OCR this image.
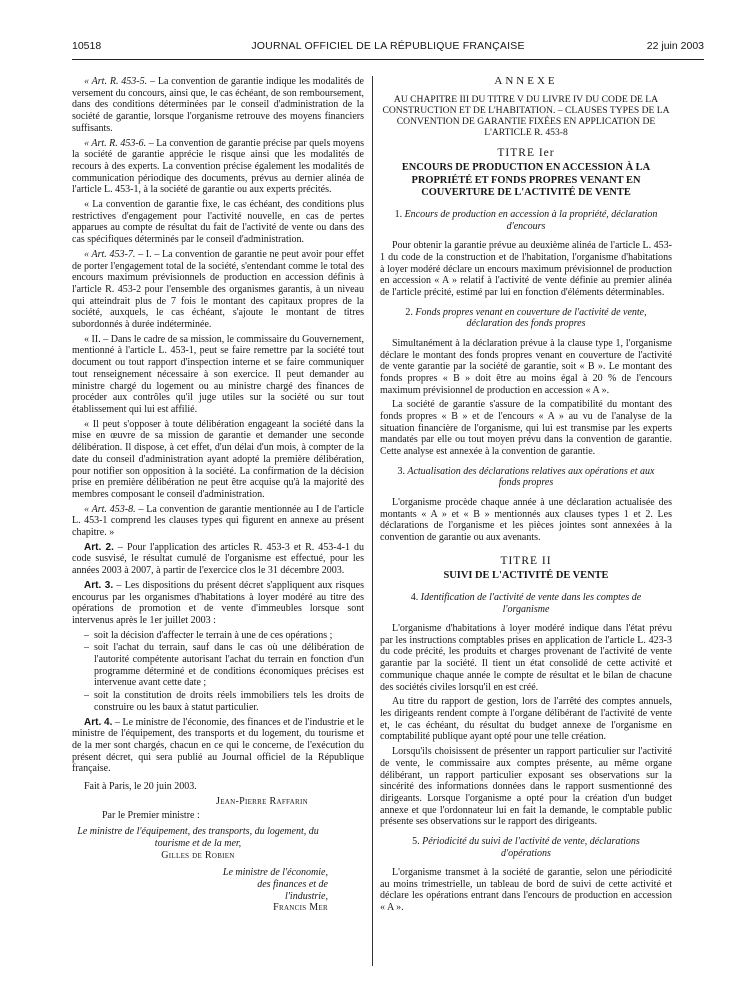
10518	JOURNAL OFFICIEL DE LA RÉPUBLIQUE FRANÇAISE	22 juin 2003

« Art. R. 453-5. – La convention de garantie indique les modalités de versement du concours, ainsi que, le cas échéant, de son remboursement, dans des conditions déterminées par le conseil d'administration de la société de garantie, lorsque l'organisme retrouve des moyens financiers suffisants.

« Art. R. 453-6. – La convention de garantie précise par quels moyens la société de garantie apprécie le risque ainsi que les modalités de recours à des experts. La convention précise également les modalités de communication périodique des documents, prévus au dernier alinéa de l'article L. 453-1, à la société de garantie ou aux experts précités.

« La convention de garantie fixe, le cas échéant, des conditions plus restrictives d'engagement pour l'activité nouvelle, en cas de pertes apparues au compte de résultat du fait de l'activité de vente ou dans des cas spécifiques déterminés par le conseil d'administration.

« Art. 453-7. – I. – La convention de garantie ne peut avoir pour effet de porter l'engagement total de la société, s'entendant comme le total des encours maximum prévisionnels de production en accession définis à l'article R. 453-2 pour l'ensemble des organismes garantis, à un niveau qui atteindrait plus de 7 fois le montant des capitaux propres de la société, auxquels, le cas échéant, s'ajoute le montant de titres subordonnés à durée indéterminée.

« II. – Dans le cadre de sa mission, le commissaire du Gouvernement, mentionné à l'article L. 453-1, peut se faire remettre par la société tout document ou tout rapport d'inspection interne et se faire communiquer tout renseignement nécessaire à son exercice. Il peut demander au ministre chargé du logement ou au ministre chargé des finances de procéder aux contrôles qu'il juge utiles sur la société ou sur tout établissement qui lui est affilié.

« Il peut s'opposer à toute délibération engageant la société dans la mise en œuvre de sa mission de garantie et demander une seconde délibération. Il dispose, à cet effet, d'un délai d'un mois, à compter de la date du conseil d'administration ayant adopté la première délibération, pour notifier son opposition à la société. La confirmation de la décision prise en première délibération ne peut être acquise qu'à la majorité des membres composant le conseil d'administration.

« Art. 453-8. – La convention de garantie mentionnée au I de l'article L. 453-1 comprend les clauses types qui figurent en annexe au présent chapitre. »

Art. 2. – Pour l'application des articles R. 453-3 et R. 453-4-1 du code susvisé, le résultat cumulé de l'organisme est effectué, pour les années 2003 à 2007, à partir de l'exercice clos le 31 décembre 2003.

Art. 3. – Les dispositions du présent décret s'appliquent aux risques encourus par les organismes d'habitations à loyer modéré au titre des opérations de promotion et de vente d'immeubles lorsque sont intervenus après le 1er juillet 2003 :

– soit la décision d'affecter le terrain à une de ces opérations ;
– soit l'achat du terrain, sauf dans le cas où une délibération de l'autorité compétente autorisant l'achat du terrain en fonction d'un programme déterminé et de conditions économiques précises est intervenue avant cette date ;
– soit la constitution de droits réels immobiliers tels les droits de construire ou les baux à statut particulier.

Art. 4. – Le ministre de l'économie, des finances et de l'industrie et le ministre de l'équipement, des transports et du logement, du tourisme et de la mer sont chargés, chacun en ce qui le concerne, de l'exécution du présent décret, qui sera publié au Journal officiel de la République française.

Fait à Paris, le 20 juin 2003.

Jean-Pierre Raffarin
Par le Premier ministre :
Le ministre de l'équipement, des transports, du logement, du tourisme et de la mer,
Gilles de Robien
Le ministre de l'économie, des finances et de l'industrie,
Francis Mer
ANNEXE
AU CHAPITRE III DU TITRE V DU LIVRE IV DU CODE DE LA CONSTRUCTION ET DE L'HABITATION. – CLAUSES TYPES DE LA CONVENTION DE GARANTIE FIXÉES EN APPLICATION DE L'ARTICLE R. 453-8
TITRE Ier
ENCOURS DE PRODUCTION EN ACCESSION À LA PROPRIÉTÉ ET FONDS PROPRES VENANT EN COUVERTURE DE L'ACTIVITÉ DE VENTE
1. Encours de production en accession à la propriété, déclaration d'encours

Pour obtenir la garantie prévue au deuxième alinéa de l'article L. 453-1 du code de la construction et de l'habitation, l'organisme d'habitations à loyer modéré déclare un encours maximum prévisionnel de production en accession « A » relatif à l'activité de vente définie au premier alinéa de l'article précité, estimé par lui en fonction d'éléments déterminables.

2. Fonds propres venant en couverture de l'activité de vente, déclaration des fonds propres

Simultanément à la déclaration prévue à la clause type 1, l'organisme déclare le montant des fonds propres venant en couverture de l'activité de vente garantie par la société de garantie, soit « B ». Le montant des fonds propres « B » doit être au moins égal à 20 % de l'encours maximum prévisionnel de production en accession « A ».

La société de garantie s'assure de la compatibilité du montant des fonds propres « B » et de l'encours « A » au vu de l'analyse de la situation financière de l'organisme, qui lui est transmise par les experts mandatés par elle ou tout moyen prévu dans la convention de garantie. Cette analyse est annexée à la convention de garantie.

3. Actualisation des déclarations relatives aux opérations et aux fonds propres

L'organisme procède chaque année à une déclaration actualisée des montants « A » et « B » mentionnés aux clauses types 1 et 2. Les déclarations de l'organisme et les pièces jointes sont annexées à la convention de garantie ou aux avenants.

TITRE II
SUIVI DE L'ACTIVITÉ DE VENTE
4. Identification de l'activité de vente dans les comptes de l'organisme

L'organisme d'habitations à loyer modéré indique dans l'état prévu par les instructions comptables prises en application de l'article L. 423-3 du code précité, les produits et charges provenant de l'activité de vente garantie par la société. Il tient un état consolidé de cette activité et communique chaque année le compte de résultat et le bilan de chacune des sociétés civiles lorsqu'il en est créé.

Au titre du rapport de gestion, lors de l'arrêté des comptes annuels, les dirigeants rendent compte à l'organe délibérant de l'activité de vente et, le cas échéant, du résultat du budget annexe de l'organisme en comptabilité publique ayant opté pour une telle création.

Lorsqu'ils choisissent de présenter un rapport particulier sur l'activité de vente, le commissaire aux comptes présente, au même organe délibérant, un rapport particulier exposant ses observations sur la sincérité des informations données dans le rapport susmentionné des dirigeants. Lorsque l'organisme a opté pour la création d'un budget annexe et que l'ordonnateur lui en fait la demande, le comptable public présente ses observations sur le rapport des dirigeants.

5. Périodicité du suivi de l'activité de vente, déclarations d'opérations

L'organisme transmet à la société de garantie, selon une périodicité au moins trimestrielle, un tableau de bord de suivi de cette activité et déclare les opérations entrant dans l'encours de production en accession « A ».
